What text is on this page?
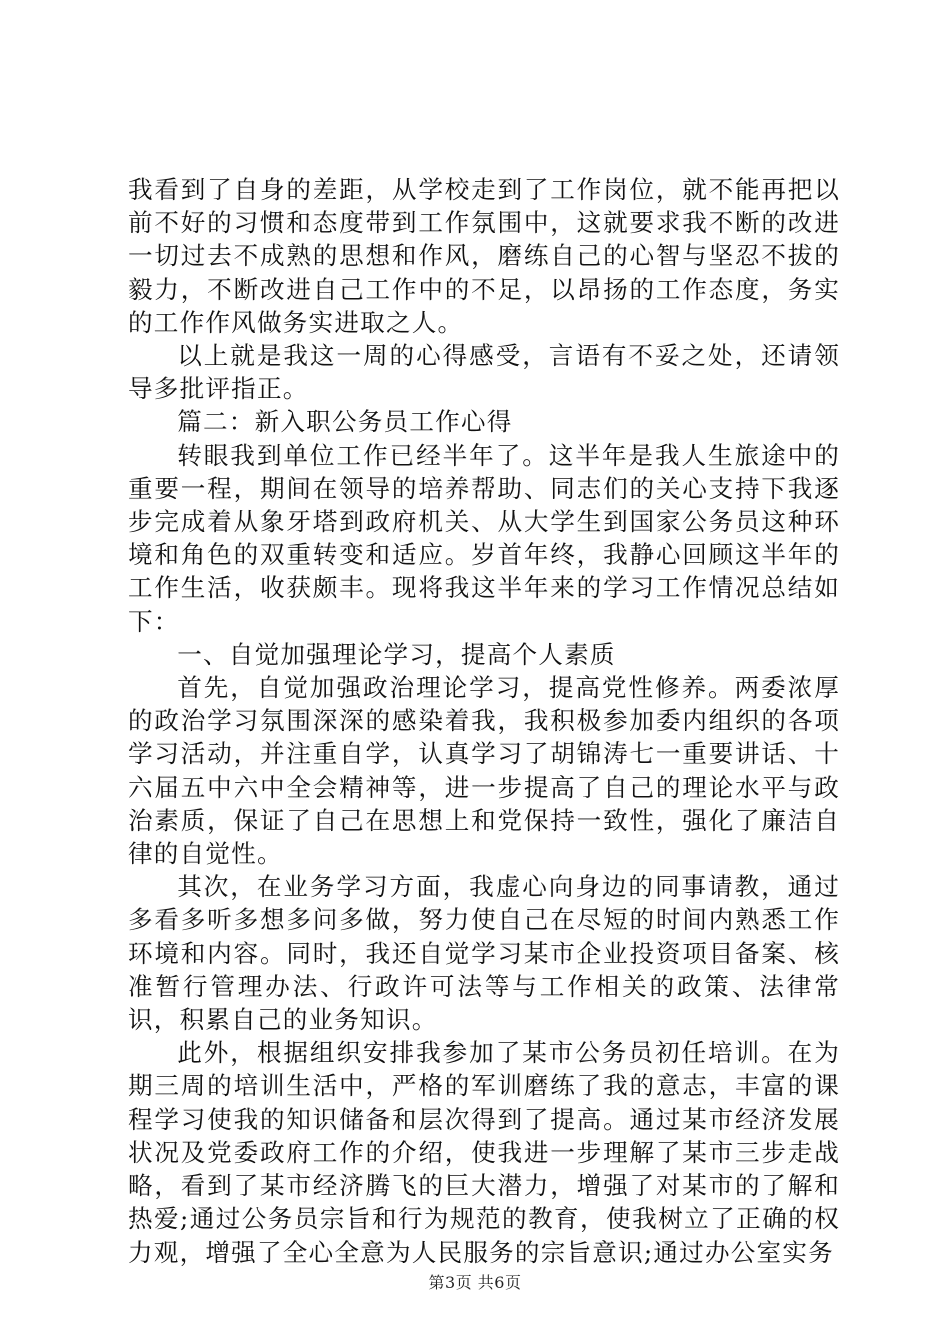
我看到了自身的差距，从学校走到了工作岗位，就不能再把以前不好的习惯和态度带到工作氛围中，这就要求我不断的改进一切过去不成熟的思想和作风，磨练自己的心智与坚忍不拔的毅力，不断改进自己工作中的不足，以昂扬的工作态度，务实的工作作风做务实进取之人。

以上就是我这一周的心得感受，言语有不妥之处，还请领导多批评指正。

篇二：新入职公务员工作心得

转眼我到单位工作已经半年了。这半年是我人生旅途中的重要一程，期间在领导的培养帮助、同志们的关心支持下我逐步完成着从象牙塔到政府机关、从大学生到国家公务员这种环境和角色的双重转变和适应。岁首年终，我静心回顾这半年的工作生活，收获颇丰。现将我这半年来的学习工作情况总结如下：

一、自觉加强理论学习，提高个人素质

首先，自觉加强政治理论学习，提高党性修养。两委浓厚的政治学习氛围深深的感染着我，我积极参加委内组织的各项学习活动，并注重自学，认真学习了胡锦涛七一重要讲话、十六届五中六中全会精神等，进一步提高了自己的理论水平与政治素质，保证了自己在思想上和党保持一致性，强化了廉洁自律的自觉性。

其次，在业务学习方面，我虚心向身边的同事请教，通过多看多听多想多问多做，努力使自己在尽短的时间内熟悉工作环境和内容。同时，我还自觉学习某市企业投资项目备案、核准暂行管理办法、行政许可法等与工作相关的政策、法律常识，积累自己的业务知识。

此外，根据组织安排我参加了某市公务员初任培训。在为期三周的培训生活中，严格的军训磨练了我的意志，丰富的课程学习使我的知识储备和层次得到了提高。通过某市经济发展状况及党委政府工作的介绍，使我进一步理解了某市三步走战略，看到了某市经济腾飞的巨大潜力，增强了对某市的了解和热爱;通过公务员宗旨和行为规范的教育，使我树立了正确的权力观，增强了全心全意为人民服务的宗旨意识;通过办公室实务

第3页 共6页
